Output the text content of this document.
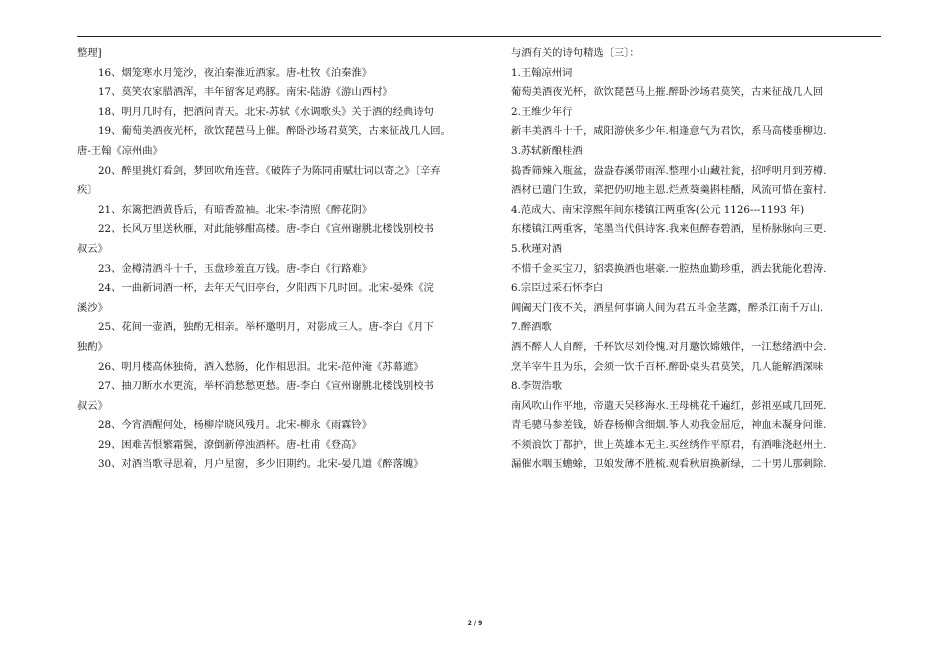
整理]
16、烟笼寒水月笼沙，夜泊秦淮近酒家。唐-杜牧《泊秦淮》
17、莫笑农家腊酒浑，丰年留客足鸡豚。南宋-陆游《游山西村》
18、明月几时有，把酒问青天。北宋-苏轼《水调歌头》关于酒的经典诗句
19、葡萄美酒夜光杯，欲饮琵琶马上催。醉卧沙场君莫笑，古来征战几人回。
唐-王翰《凉州曲》
20、醉里挑灯看剑，梦回吹角连营。《破阵子为陈同甫赋壮词以寄之》〔辛弃
疾〕
21、东篱把酒黄昏后，有暗香盈袖。北宋-李清照《醉花阴》
22、长风万里送秋雁，对此能够酣高楼。唐-李白《宣州谢朓北楼饯别校书
叔云》
23、金樽清酒斗十千，玉盘珍羞直万钱。唐-李白《行路难》
24、一曲新词酒一杯，去年天气旧亭台，夕阳西下几时回。北宋-晏殊《浣
溪沙》
25、花间一壶酒，独酌无相亲。举杯邀明月，对影成三人。唐-李白《月下
独酌》
26、明月楼高休独倚，酒入愁肠，化作相思泪。北宋-范仲淹《苏幕遮》
27、抽刀断水水更流，举杯消愁愁更愁。唐-李白《宣州谢朓北楼饯别校书
叔云》
28、今宵酒醒何处，杨柳岸晓风残月。北宋-柳永《雨霖铃》
29、困难苦恨繁霜鬓，潦倒新停浊酒杯。唐-杜甫《登高》
30、对酒当歌寻思着，月户星窗，多少旧期约。北宋-晏几道《醉落魄》
与酒有关的诗句精选〔三〕：
1.王翰凉州词
葡萄美酒夜光杯，欲饮琵琶马上摧.醉卧沙场君莫笑，古来征战几人回
2.王维少年行
新丰美酒斗十千，咸阳游侠多少年.相逢意气为君饮，系马高楼垂柳边.
3.苏轼新酿桂酒
捣香筛辣入瓶盆，盎盎春溪带雨浑.整理小山藏社瓮，招呼明月到芳樽.
酒材已遣门生致，菜把仍叨地主恩.烂煮葵羹斟桂醑，风流可惜在蛮村.
4.范成大、南宋淳熙年间东楼镇江两重客(公元 1126---1193 年)
东楼镇江两重客，笔墨当代俱诗客.我来但醉春碧酒，星桥脉脉向三更.
5.秋瑾对酒
不惜千金买宝刀，貂裘换酒也堪豪.一腔热血勤珍重，洒去犹能化碧涛.
6.宗臣过采石怀李白
阊阖天门夜不关，酒星何事谪人间为君五斗金茎露，醉杀江南千万山.
7.醉酒歌
酒不醉人人自醉，千杯饮尽刘伶愧.对月邀饮嫦娥伴，一江愁绪酒中会.
烹羊宰牛且为乐，会须一饮千百杯.醉卧桌头君莫笑，几人能解酒深味
8.李贺浩歌
南风吹山作平地，帝遣天吴移海水.王母桃花千遍红，彭祖巫咸几回死.
青毛骢马参差钱，娇春杨柳含细烟.筝人劝我金屈卮，神血未凝身问谁.
不须浪饮丁都护，世上英雄本无主.买丝绣作平原君，有酒唯浇赵州土.
漏催水咽玉蟾蜍，卫娘发薄不胜梳.观看秋眉换新绿，二十男儿那刺除.
2 / 9
